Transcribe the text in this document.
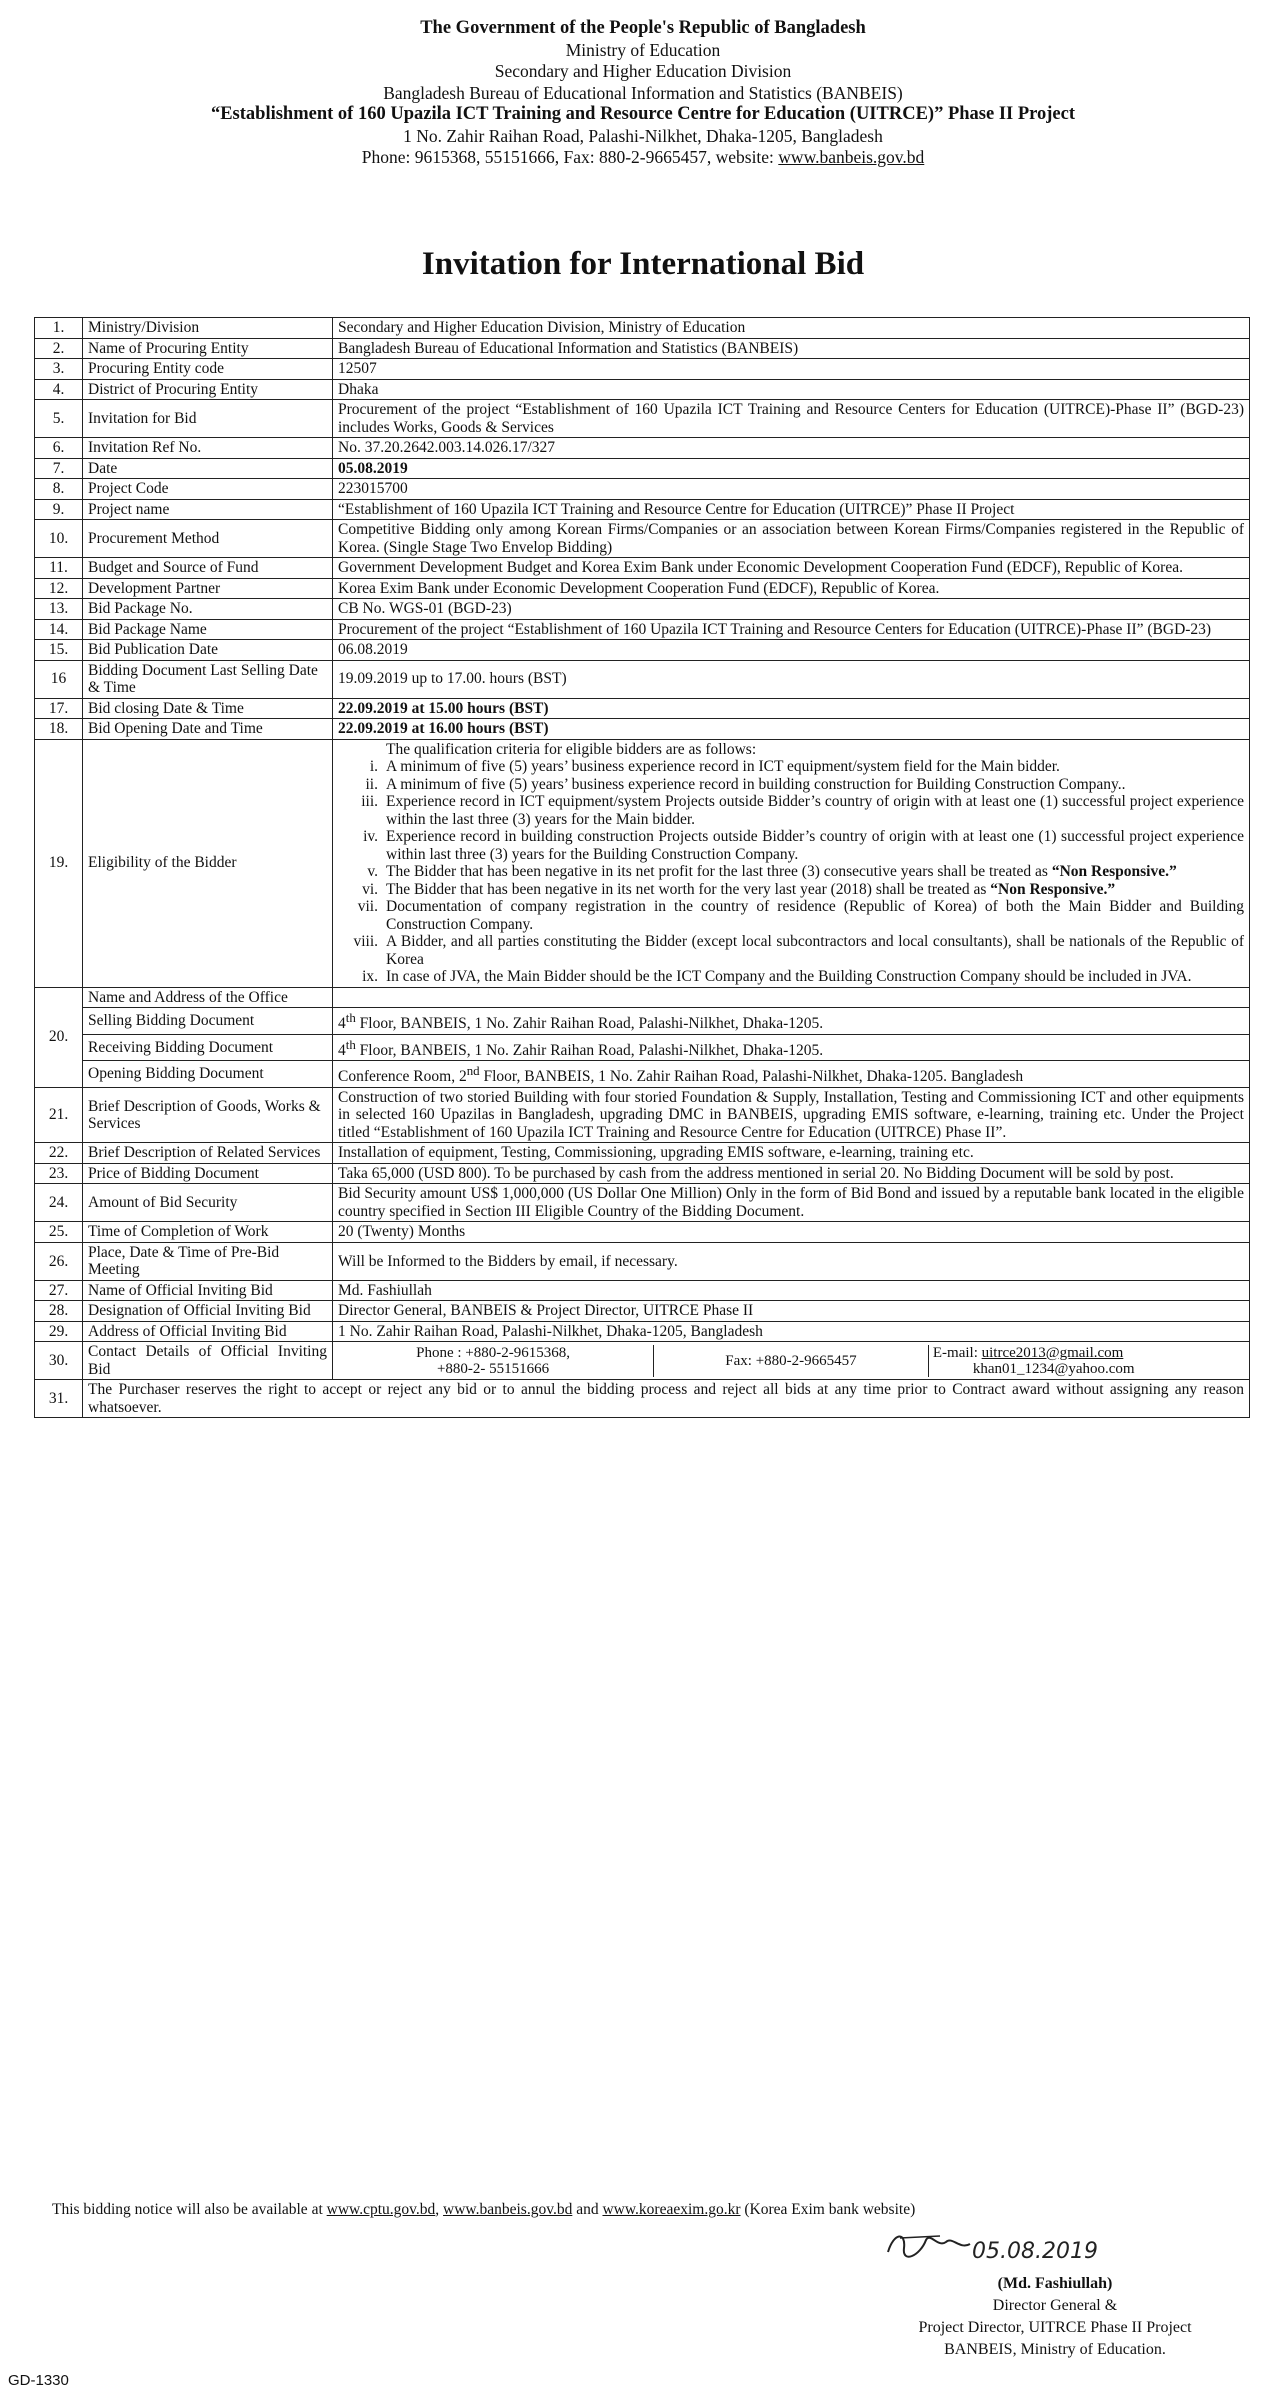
The Government of the People's Republic of Bangladesh
Ministry of Education
Secondary and Higher Education Division
Bangladesh Bureau of Educational Information and Statistics (BANBEIS)
“Establishment of 160 Upazila ICT Training and Resource Centre for Education (UITRCE)” Phase II Project
1 No. Zahir Raihan Road, Palashi-Nilkhet, Dhaka-1205, Bangladesh
Phone: 9615368, 55151666, Fax: 880-2-9665457, website: www.banbeis.gov.bd
Invitation for International Bid
1.	Ministry/Division	Secondary and Higher Education Division, Ministry of Education
2.	Name of Procuring Entity	Bangladesh Bureau of Educational Information and Statistics (BANBEIS)
3.	Procuring Entity code	12507
4.	District of Procuring Entity	Dhaka
5.	Invitation for Bid	Procurement of the project “Establishment of 160 Upazila ICT Training and Resource Centers for Education (UITRCE)-Phase II” (BGD-23) includes Works, Goods & Services
6.	Invitation Ref No.	No. 37.20.2642.003.14.026.17/327
7.	Date	05.08.2019
8.	Project Code	223015700
9.	Project name	“Establishment of 160 Upazila ICT Training and Resource Centre for Education (UITRCE)” Phase II Project
10.	Procurement Method	Competitive Bidding only among Korean Firms/Companies or an association between Korean Firms/Companies registered in the Republic of Korea. (Single Stage Two Envelop Bidding)
11.	Budget and Source of Fund	Government Development Budget and Korea Exim Bank under Economic Development Cooperation Fund (EDCF), Republic of Korea.
12.	Development Partner	Korea Exim Bank under Economic Development Cooperation Fund (EDCF), Republic of Korea.
13.	Bid Package No.	CB No. WGS-01 (BGD-23)
14.	Bid Package Name	Procurement of the project “Establishment of 160 Upazila ICT Training and Resource Centers for Education (UITRCE)-Phase II” (BGD-23)
15.	Bid Publication Date	06.08.2019
16	Bidding Document Last Selling Date & Time	19.09.2019 up to 17.00. hours (BST)
17.	Bid closing Date & Time	22.09.2019 at 15.00 hours (BST)
18.	Bid Opening Date and Time	22.09.2019 at 16.00 hours (BST)
19.	Eligibility of the Bidder	
The qualification criteria for eligible bidders are as follows:
i. A minimum of five (5) years’ business experience record in ICT equipment/system field for the Main bidder.
ii. A minimum of five (5) years’ business experience record in building construction for Building Construction Company..
iii. Experience record in ICT equipment/system Projects outside Bidder’s country of origin with at least one (1) successful project experience within the last three (3) years for the Main bidder.
iv. Experience record in building construction Projects outside Bidder’s country of origin with at least one (1) successful project experience within last three (3) years for the Building Construction Company.
v. The Bidder that has been negative in its net profit for the last three (3) consecutive years shall be treated as “Non Responsive.”
vi. The Bidder that has been negative in its net worth for the very last year (2018) shall be treated as “Non Responsive.”
vii. Documentation of company registration in the country of residence (Republic of Korea) of both the Main Bidder and Building Construction Company.
viii. A Bidder, and all parties constituting the Bidder (except local subcontractors and local consultants), shall be nationals of the Republic of Korea
ix. In case of JVA, the Main Bidder should be the ICT Company and the Building Construction Company should be included in JVA.

20.	Name and Address of the Office	
Selling Bidding Document	4th Floor, BANBEIS, 1 No. Zahir Raihan Road, Palashi-Nilkhet, Dhaka-1205.
Receiving Bidding Document	4th Floor, BANBEIS, 1 No. Zahir Raihan Road, Palashi-Nilkhet, Dhaka-1205.
Opening Bidding Document	Conference Room, 2nd Floor, BANBEIS, 1 No. Zahir Raihan Road, Palashi-Nilkhet, Dhaka-1205. Bangladesh
21.	Brief Description of Goods, Works & Services	Construction of two storied Building with four storied Foundation & Supply, Installation, Testing and Commissioning ICT and other equipments in selected 160 Upazilas in Bangladesh, upgrading DMC in BANBEIS, upgrading EMIS software, e-learning, training etc. Under the Project titled “Establishment of 160 Upazila ICT Training and Resource Centre for Education (UITRCE) Phase II”.
22.	Brief Description of Related Services	Installation of equipment, Testing, Commissioning, upgrading EMIS software, e-learning, training etc.
23.	Price of Bidding Document	Taka 65,000 (USD 800). To be purchased by cash from the address mentioned in serial 20. No Bidding Document will be sold by post.
24.	Amount of Bid Security	Bid Security amount US$ 1,000,000 (US Dollar One Million) Only in the form of Bid Bond and issued by a reputable bank located in the eligible country specified in Section III Eligible Country of the Bidding Document.
25.	Time of Completion of Work	20 (Twenty) Months
26.	Place, Date & Time of Pre-Bid Meeting	Will be Informed to the Bidders by email, if necessary.
27.	Name of Official Inviting Bid	Md. Fashiullah
28.	Designation of Official Inviting Bid	Director General, BANBEIS & Project Director, UITRCE Phase II
29.	Address of Official Inviting Bid	1 No. Zahir Raihan Road, Palashi-Nilkhet, Dhaka-1205, Bangladesh
30.	Contact Details of Official Inviting Bid	
Phone : +880-2-9615368,
+880-2- 55151666	Fax: +880-2-9665457	E-mail: uitrce2013@gmail.com
khan01_1234@yahoo.com

31.	The Purchaser reserves the right to accept or reject any bid or to annul the bidding process and reject all bids at any time prior to Contract award without assigning any reason whatsoever.
This bidding notice will also be available at www.cptu.gov.bd, www.banbeis.gov.bd and www.koreaexim.go.kr (Korea Exim bank website)
05.08.2019
(Md. Fashiullah)
Director General &
Project Director, UITRCE Phase II Project
BANBEIS, Ministry of Education.
GD-1330
